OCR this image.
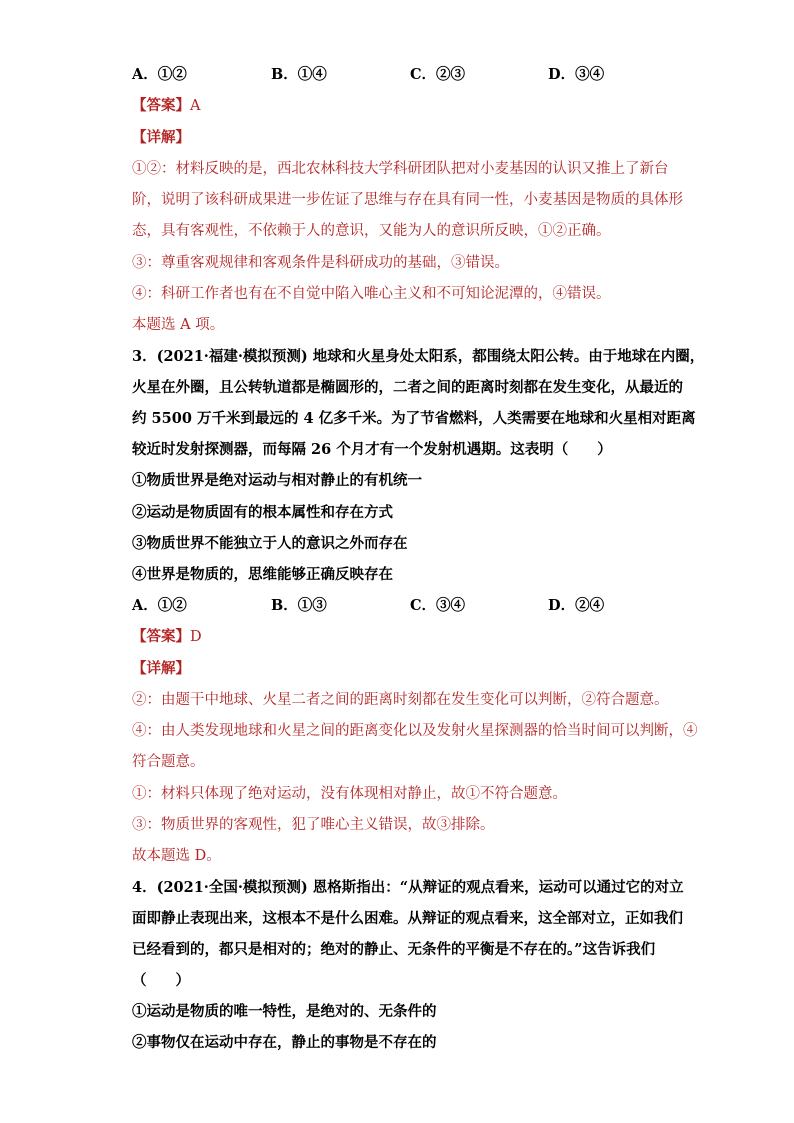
A．①②	B．①④	C．②③	D．③④
【答案】A
【详解】
①②：材料反映的是，西北农林科技大学科研团队把对小麦基因的认识又推上了新台
阶，说明了该科研成果进一步佐证了思维与存在具有同一性，小麦基因是物质的具体形
态，具有客观性，不依赖于人的意识，又能为人的意识所反映，①②正确。
③：尊重客观规律和客观条件是科研成功的基础，③错误。
④：科研工作者也有在不自觉中陷入唯心主义和不可知论泥潭的，④错误。
本题选 A 项。
3．(2021·福建·模拟预测) 地球和火星身处太阳系，都围绕太阳公转。由于地球在内圈，
火星在外圈，且公转轨道都是椭圆形的，二者之间的距离时刻都在发生变化，从最近的
约 5500 万千米到最远的 4 亿多千米。为了节省燃料，人类需要在地球和火星相对距离
较近时发射探测器，而每隔 26 个月才有一个发射机遇期。这表明（　　）
①物质世界是绝对运动与相对静止的有机统一
②运动是物质固有的根本属性和存在方式
③物质世界不能独立于人的意识之外而存在
④世界是物质的，思维能够正确反映存在
A．①②	B．①③	C．③④	D．②④
【答案】D
【详解】
②：由题干中地球、火星二者之间的距离时刻都在发生变化可以判断，②符合题意。
④：由人类发现地球和火星之间的距离变化以及发射火星探测器的恰当时间可以判断，④
符合题意。
①：材料只体现了绝对运动，没有体现相对静止，故①不符合题意。
③：物质世界的客观性，犯了唯心主义错误，故③排除。
故本题选 D。
4．(2021·全国·模拟预测) 恩格斯指出：“从辩证的观点看来，运动可以通过它的对立
面即静止表现出来，这根本不是什么困难。从辩证的观点看来，这全部对立，正如我们
已经看到的，都只是相对的；绝对的静止、无条件的平衡是不存在的。”这告诉我们
（　　）
①运动是物质的唯一特性，是绝对的、无条件的
②事物仅在运动中存在，静止的事物是不存在的
